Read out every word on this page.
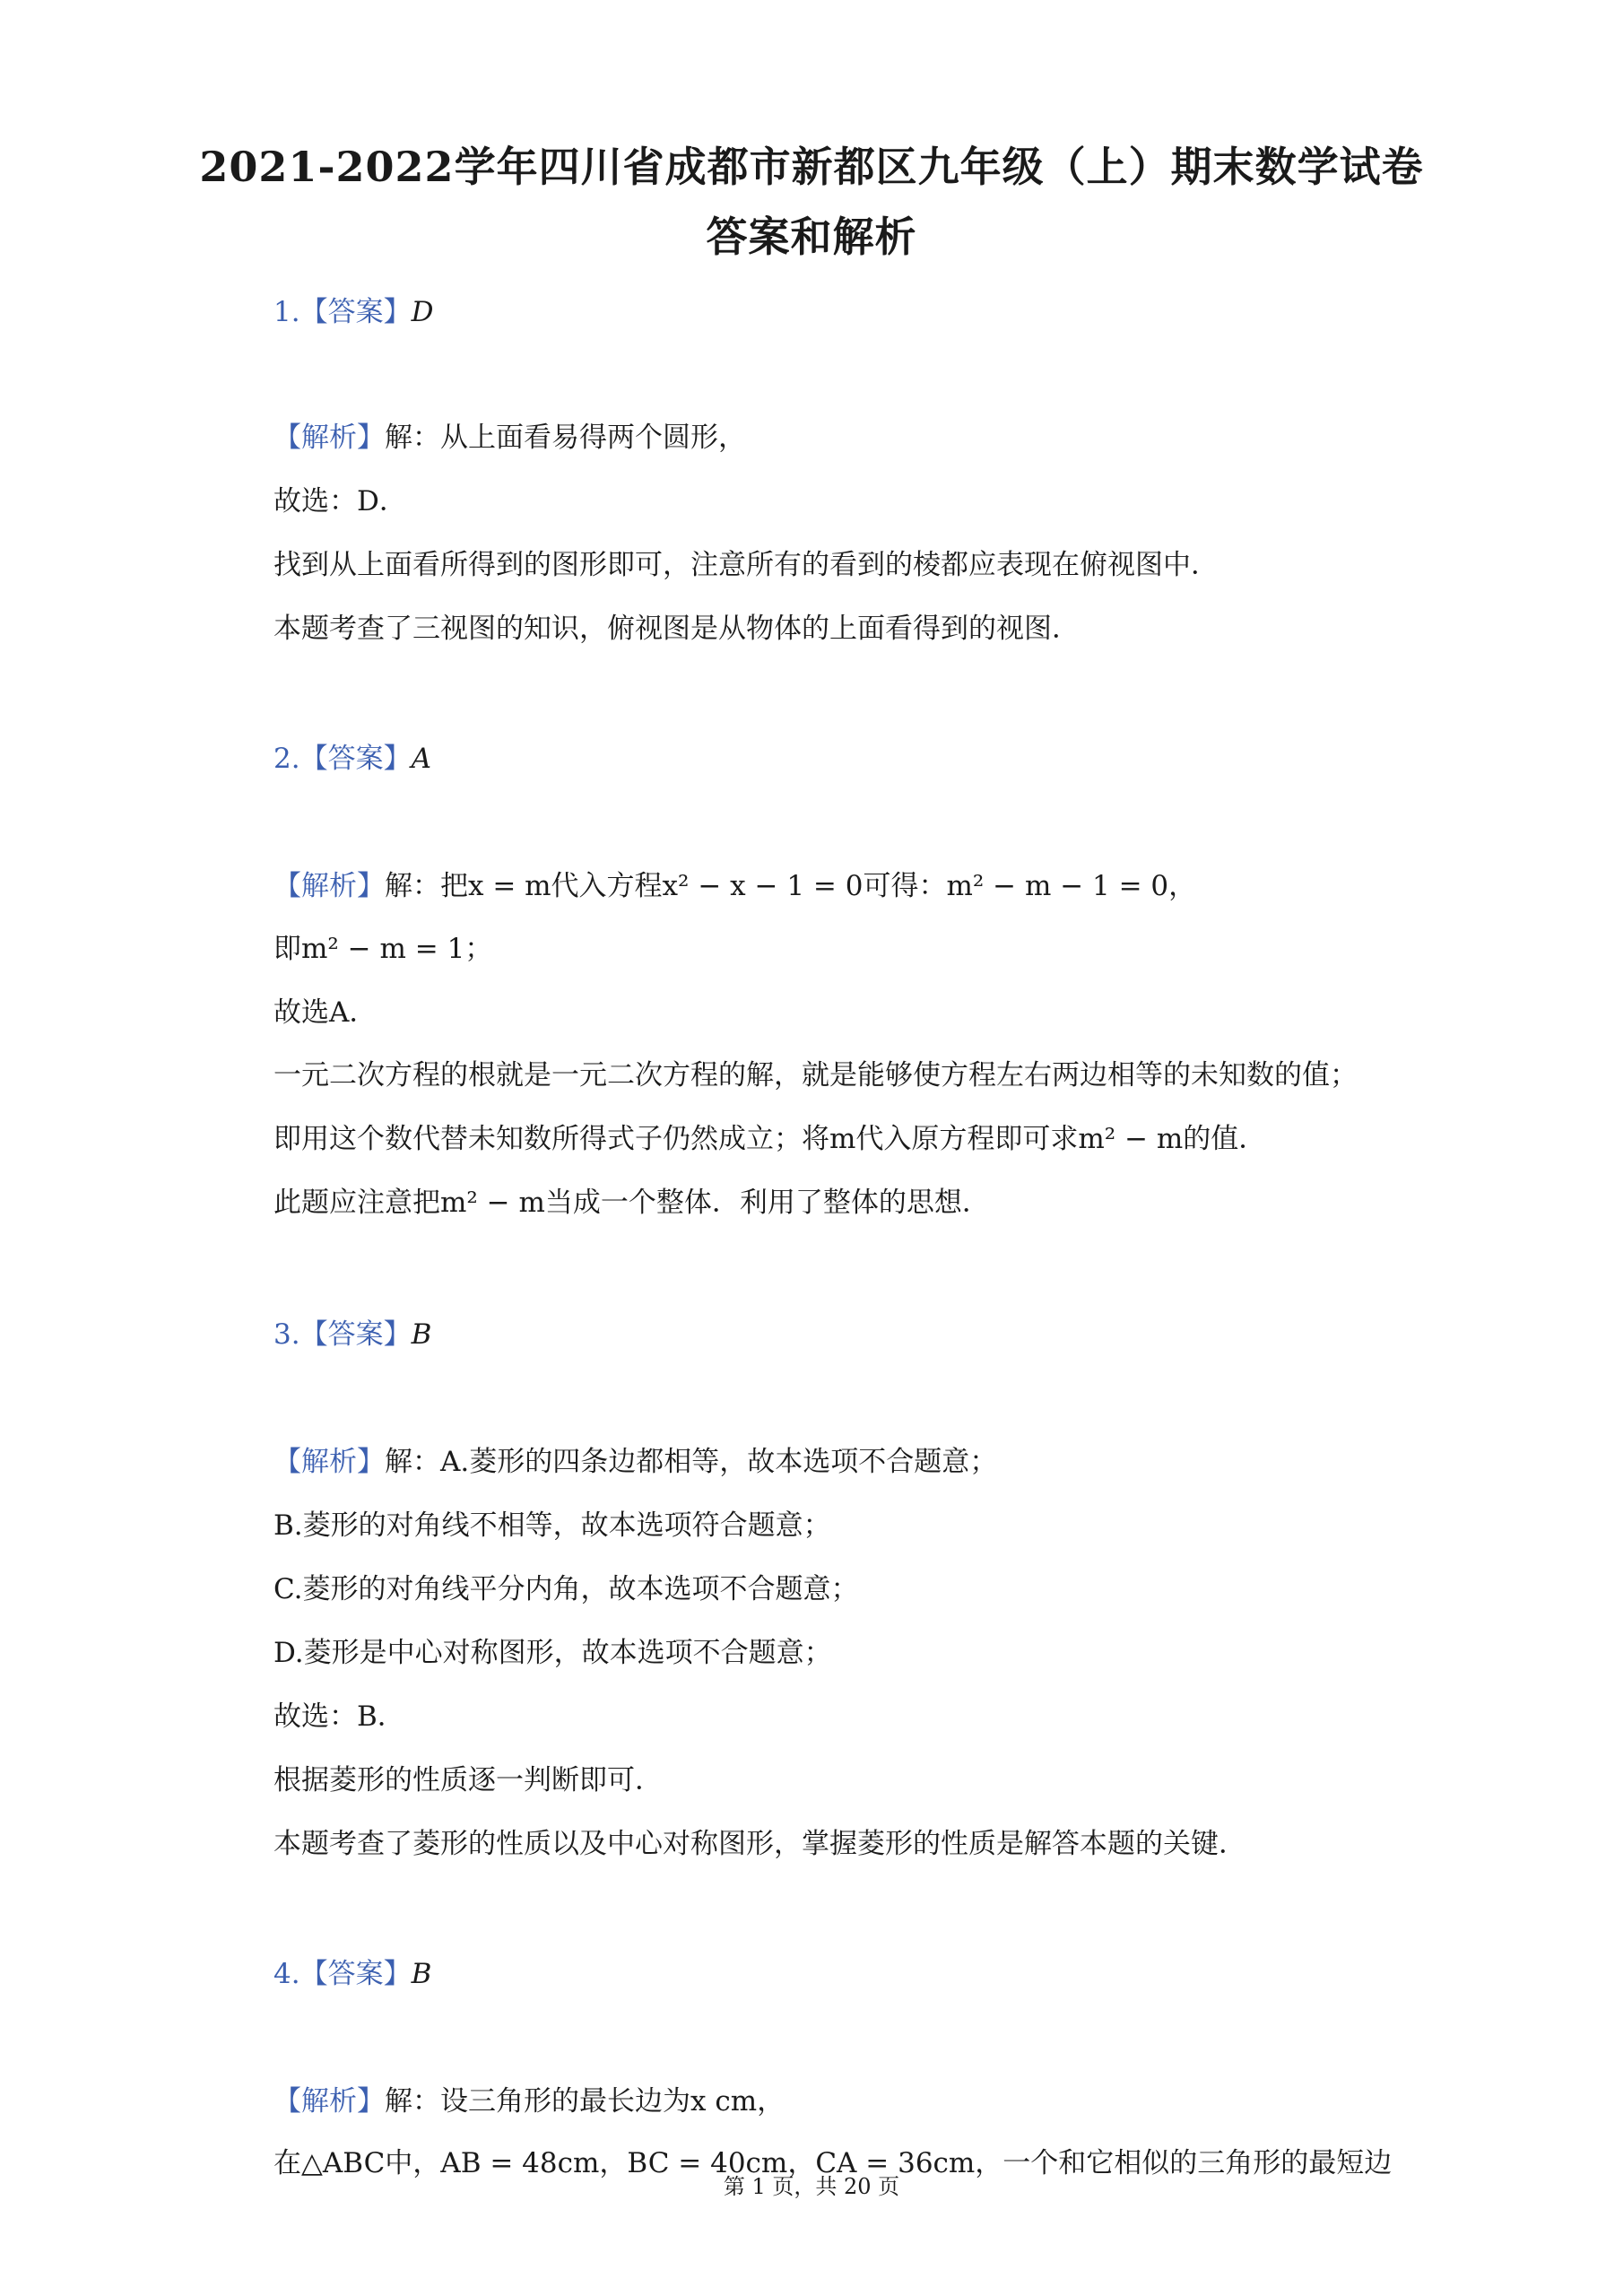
2021-2022学年四川省成都市新都区九年级（上）期末数学试卷
答案和解析
1.【答案】D
【解析】解：从上面看易得两个圆形，
故选：D．
找到从上面看所得到的图形即可，注意所有的看到的棱都应表现在俯视图中．
本题考查了三视图的知识，俯视图是从物体的上面看得到的视图．
2.【答案】A
【解析】解：把x = m代入方程x² − x − 1 = 0可得：m² − m − 1 = 0，
即m² − m = 1；
故选A．
一元二次方程的根就是一元二次方程的解，就是能够使方程左右两边相等的未知数的值；
即用这个数代替未知数所得式子仍然成立；将m代入原方程即可求m² − m的值．
此题应注意把m² − m当成一个整体．利用了整体的思想．
3.【答案】B
【解析】解：A.菱形的四条边都相等，故本选项不合题意；
B.菱形的对角线不相等，故本选项符合题意；
C.菱形的对角线平分内角，故本选项不合题意；
D.菱形是中心对称图形，故本选项不合题意；
故选：B．
根据菱形的性质逐一判断即可．
本题考查了菱形的性质以及中心对称图形，掌握菱形的性质是解答本题的关键．
4.【答案】B
【解析】解：设三角形的最长边为x cm，
在△ABC中，AB = 48cm，BC = 40cm，CA = 36cm，一个和它相似的三角形的最短边
第 1 页，共 20 页
